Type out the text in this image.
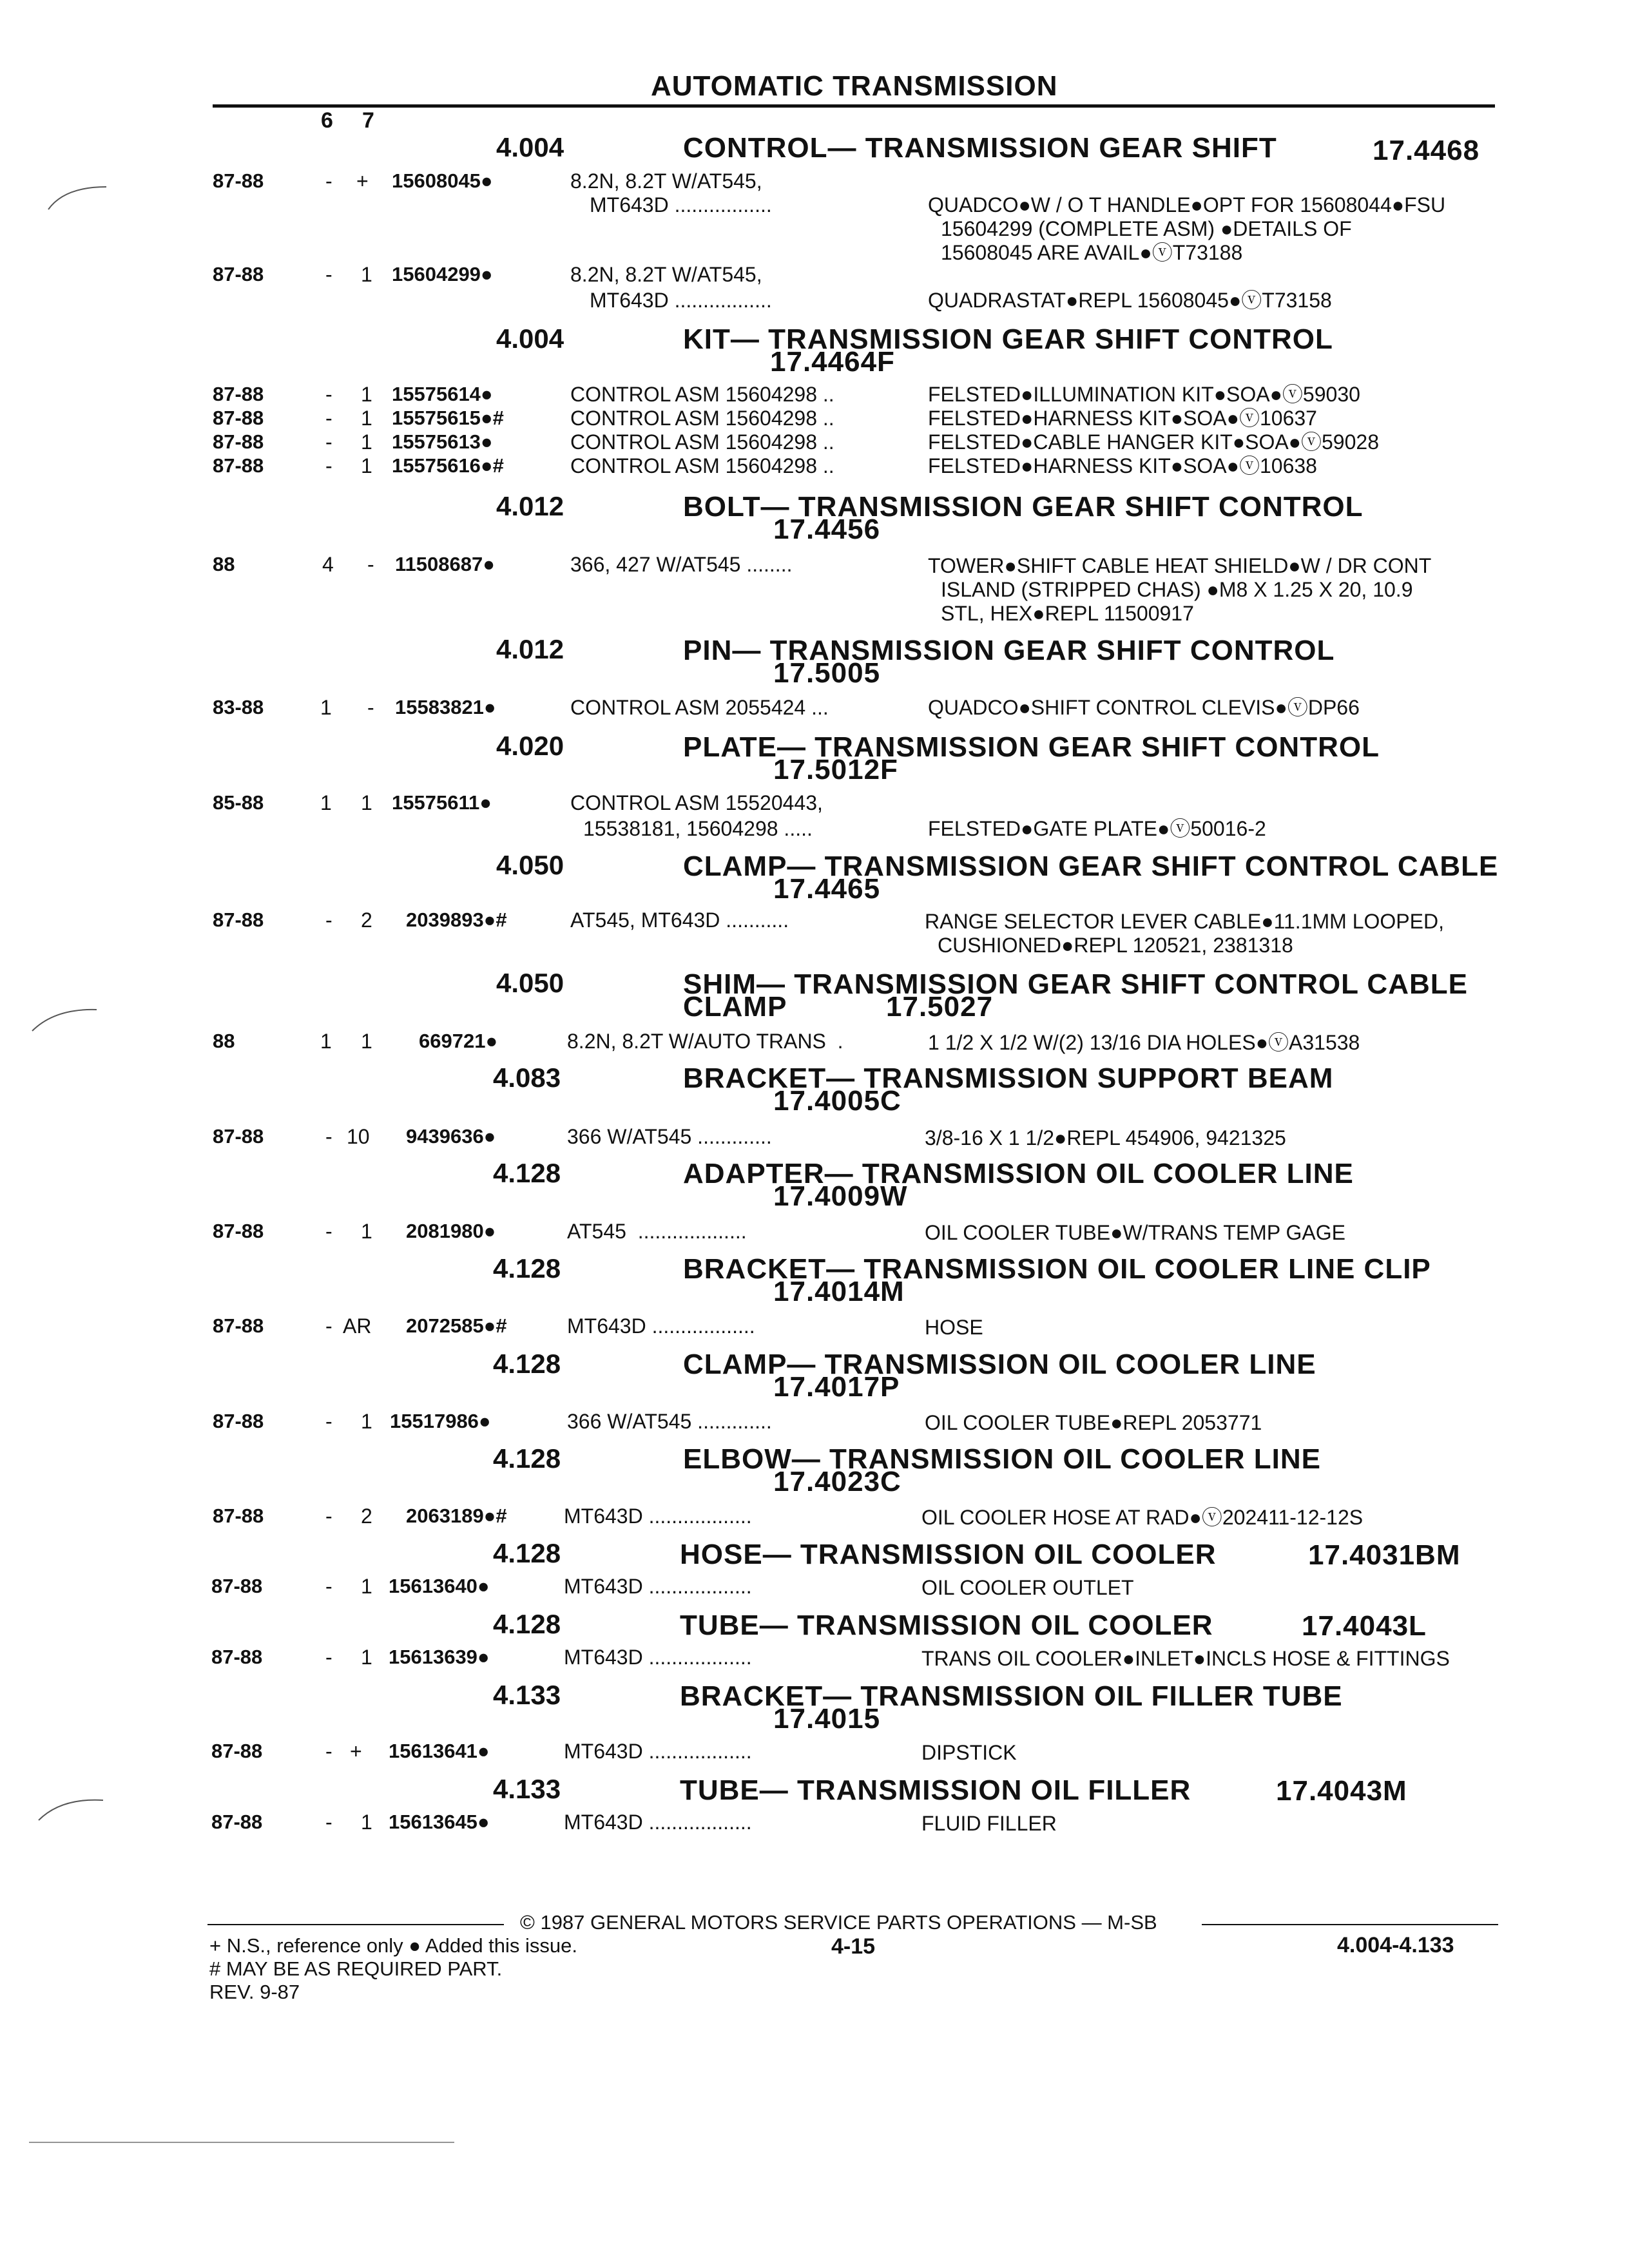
AUTOMATIC TRANSMISSION
6 7
4.004	CONTROL— TRANSMISSION GEAR SHIFT	17.4468
87-88	- + 15608045●	8.2N, 8.2T W/AT545,
MT643D .................	QUADCO●W / O T HANDLE●OPT FOR 15608044●FSU
15604299 (COMPLETE ASM) ●DETAILS OF
15608045 ARE AVAIL●ⓥT73188
87-88	- 1 15604299●	8.2N, 8.2T W/AT545,
MT643D .................	QUADRASTAT●REPL 15608045●ⓥT73158
4.004	KIT— TRANSMISSION GEAR SHIFT CONTROL
17.4464F
87-88	- 1 15575614●	CONTROL ASM 15604298 ..	FELSTED●ILLUMINATION KIT●SOA●ⓥ59030
87-88	- 1 15575615●#	CONTROL ASM 15604298 ..	FELSTED●HARNESS KIT●SOA●ⓥ10637
87-88	- 1 15575613●	CONTROL ASM 15604298 ..	FELSTED●CABLE HANGER KIT●SOA●ⓥ59028
87-88	- 1 15575616●#	CONTROL ASM 15604298 ..	FELSTED●HARNESS KIT●SOA●ⓥ10638
4.012	BOLT— TRANSMISSION GEAR SHIFT CONTROL
17.4456
88	4 - 11508687●	366, 427 W/AT545 ........	TOWER●SHIFT CABLE HEAT SHIELD●W / DR CONT
ISLAND (STRIPPED CHAS) ●M8 X 1.25 X 20, 10.9
STL, HEX●REPL 11500917
4.012	PIN— TRANSMISSION GEAR SHIFT CONTROL
17.5005
83-88	1 - 15583821●	CONTROL ASM 2055424 ...	QUADCO●SHIFT CONTROL CLEVIS●ⓥDP66
4.020	PLATE— TRANSMISSION GEAR SHIFT CONTROL
17.5012F
85-88	1 1 15575611●	CONTROL ASM 15520443,
15538181, 15604298 .....	FELSTED●GATE PLATE●ⓥ50016-2
4.050	CLAMP— TRANSMISSION GEAR SHIFT CONTROL CABLE
17.4465
87-88	- 2 2039893●#	AT545, MT643D ...........	RANGE SELECTOR LEVER CABLE●11.1MM LOOPED,
CUSHIONED●REPL 120521, 2381318
4.050	SHIM— TRANSMISSION GEAR SHIFT CONTROL CABLE
CLAMP	17.5027
88	1 1 669721●	8.2N, 8.2T W/AUTO TRANS  .	1 1/2 X 1/2 W/(2) 13/16 DIA HOLES●ⓥA31538
4.083	BRACKET— TRANSMISSION SUPPORT BEAM
17.4005C
87-88	- 10 9439636●	366 W/AT545 .............	3/8-16 X 1 1/2●REPL 454906, 9421325
4.128	ADAPTER— TRANSMISSION OIL COOLER LINE
17.4009W
87-88	- 1 2081980●	AT545  ...................	OIL COOLER TUBE●W/TRANS TEMP GAGE
4.128	BRACKET— TRANSMISSION OIL COOLER LINE CLIP
17.4014M
87-88	- AR 2072585●#	MT643D ..................	HOSE
4.128	CLAMP— TRANSMISSION OIL COOLER LINE
17.4017P
87-88	- 1 15517986●	366 W/AT545 .............	OIL COOLER TUBE●REPL 2053771
4.128	ELBOW— TRANSMISSION OIL COOLER LINE
17.4023C
87-88	- 2 2063189●#	MT643D ..................	OIL COOLER HOSE AT RAD●ⓥ202411-12-12S
4.128	HOSE— TRANSMISSION OIL COOLER	17.4031BM
87-88	- 1 15613640●	MT643D ..................	OIL COOLER OUTLET
4.128	TUBE— TRANSMISSION OIL COOLER	17.4043L
87-88	- 1 15613639●	MT643D ..................	TRANS OIL COOLER●INLET●INCLS HOSE & FITTINGS
4.133	BRACKET— TRANSMISSION OIL FILLER TUBE
17.4015
87-88	- + 15613641●	MT643D ..................	DIPSTICK
4.133	TUBE— TRANSMISSION OIL FILLER	17.4043M
87-88	- 1 15613645●	MT643D ..................	FLUID FILLER
© 1987 GENERAL MOTORS SERVICE PARTS OPERATIONS — M-SB
+ N.S., reference only ● Added this issue.
# MAY BE AS REQUIRED PART.
REV. 9-87
4-15	4.004-4.133
